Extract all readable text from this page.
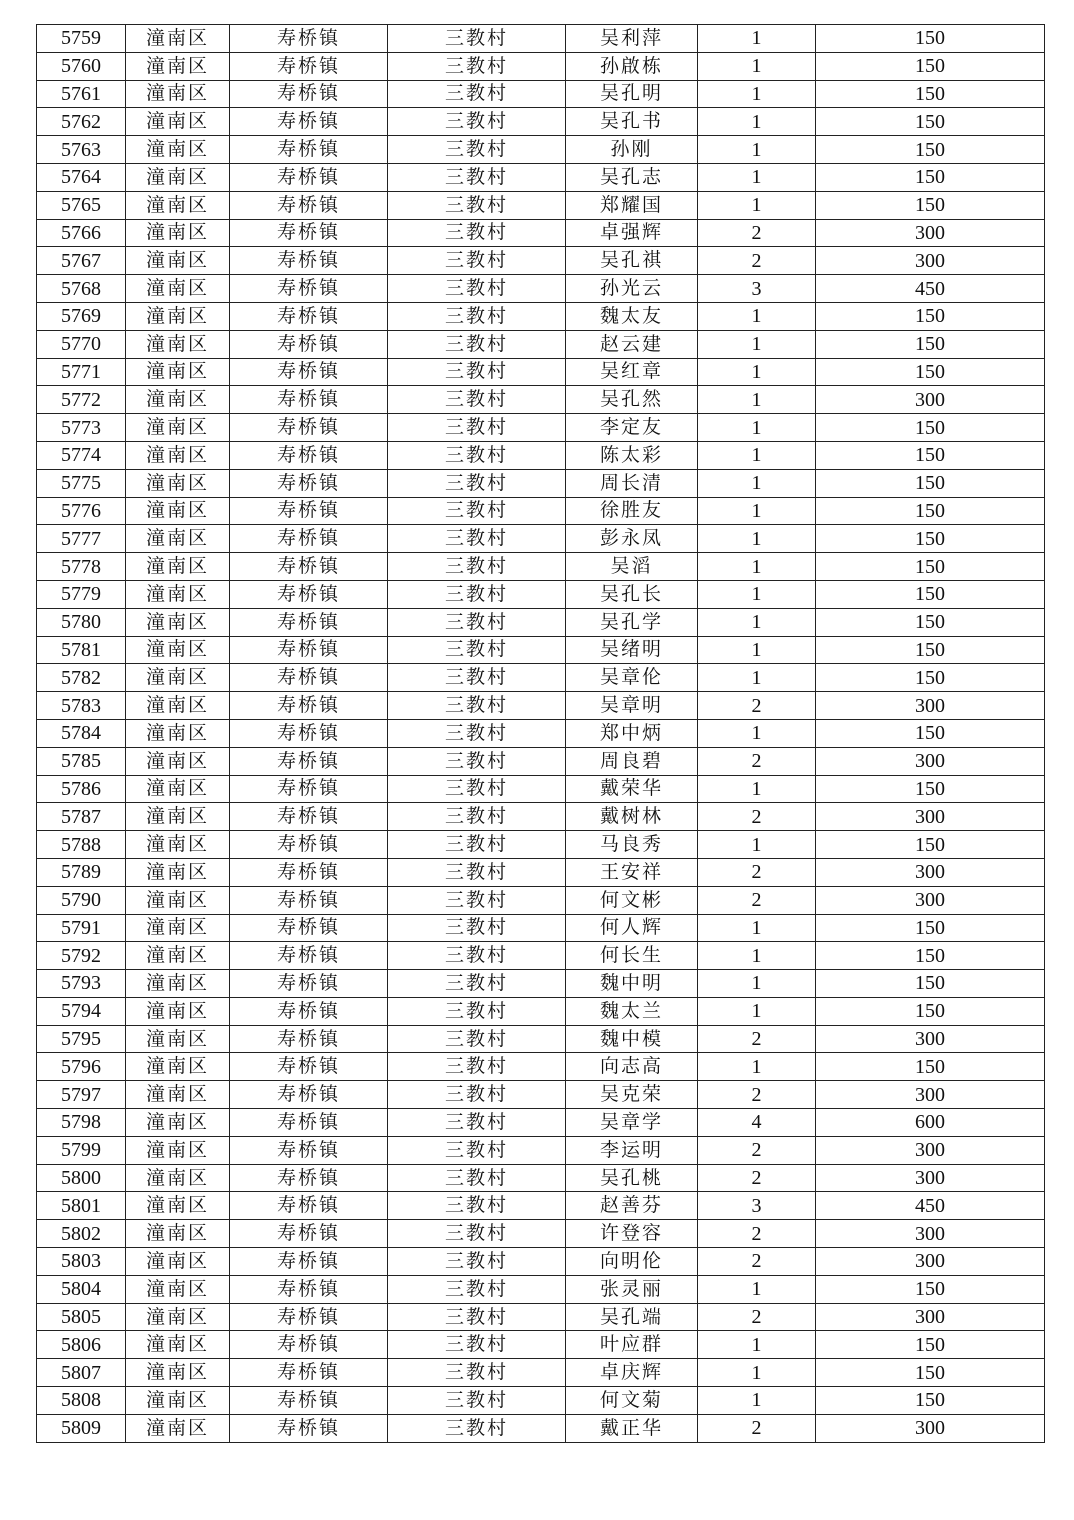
5759	潼南区	寿桥镇	三教村	吴利萍	1	150
5760	潼南区	寿桥镇	三教村	孙啟栋	1	150
5761	潼南区	寿桥镇	三教村	吴孔明	1	150
5762	潼南区	寿桥镇	三教村	吴孔书	1	150
5763	潼南区	寿桥镇	三教村	孙刚	1	150
5764	潼南区	寿桥镇	三教村	吴孔志	1	150
5765	潼南区	寿桥镇	三教村	郑耀国	1	150
5766	潼南区	寿桥镇	三教村	卓强辉	2	300
5767	潼南区	寿桥镇	三教村	吴孔祺	2	300
5768	潼南区	寿桥镇	三教村	孙光云	3	450
5769	潼南区	寿桥镇	三教村	魏太友	1	150
5770	潼南区	寿桥镇	三教村	赵云建	1	150
5771	潼南区	寿桥镇	三教村	吴红章	1	150
5772	潼南区	寿桥镇	三教村	吴孔然	1	300
5773	潼南区	寿桥镇	三教村	李定友	1	150
5774	潼南区	寿桥镇	三教村	陈太彩	1	150
5775	潼南区	寿桥镇	三教村	周长清	1	150
5776	潼南区	寿桥镇	三教村	徐胜友	1	150
5777	潼南区	寿桥镇	三教村	彭永凤	1	150
5778	潼南区	寿桥镇	三教村	吴滔	1	150
5779	潼南区	寿桥镇	三教村	吴孔长	1	150
5780	潼南区	寿桥镇	三教村	吴孔学	1	150
5781	潼南区	寿桥镇	三教村	吴绪明	1	150
5782	潼南区	寿桥镇	三教村	吴章伦	1	150
5783	潼南区	寿桥镇	三教村	吴章明	2	300
5784	潼南区	寿桥镇	三教村	郑中炳	1	150
5785	潼南区	寿桥镇	三教村	周良碧	2	300
5786	潼南区	寿桥镇	三教村	戴荣华	1	150
5787	潼南区	寿桥镇	三教村	戴树林	2	300
5788	潼南区	寿桥镇	三教村	马良秀	1	150
5789	潼南区	寿桥镇	三教村	王安祥	2	300
5790	潼南区	寿桥镇	三教村	何文彬	2	300
5791	潼南区	寿桥镇	三教村	何人辉	1	150
5792	潼南区	寿桥镇	三教村	何长生	1	150
5793	潼南区	寿桥镇	三教村	魏中明	1	150
5794	潼南区	寿桥镇	三教村	魏太兰	1	150
5795	潼南区	寿桥镇	三教村	魏中模	2	300
5796	潼南区	寿桥镇	三教村	向志高	1	150
5797	潼南区	寿桥镇	三教村	吴克荣	2	300
5798	潼南区	寿桥镇	三教村	吴章学	4	600
5799	潼南区	寿桥镇	三教村	李运明	2	300
5800	潼南区	寿桥镇	三教村	吴孔桃	2	300
5801	潼南区	寿桥镇	三教村	赵善芬	3	450
5802	潼南区	寿桥镇	三教村	许登容	2	300
5803	潼南区	寿桥镇	三教村	向明伦	2	300
5804	潼南区	寿桥镇	三教村	张灵丽	1	150
5805	潼南区	寿桥镇	三教村	吴孔端	2	300
5806	潼南区	寿桥镇	三教村	叶应群	1	150
5807	潼南区	寿桥镇	三教村	卓庆辉	1	150
5808	潼南区	寿桥镇	三教村	何文菊	1	150
5809	潼南区	寿桥镇	三教村	戴正华	2	300
